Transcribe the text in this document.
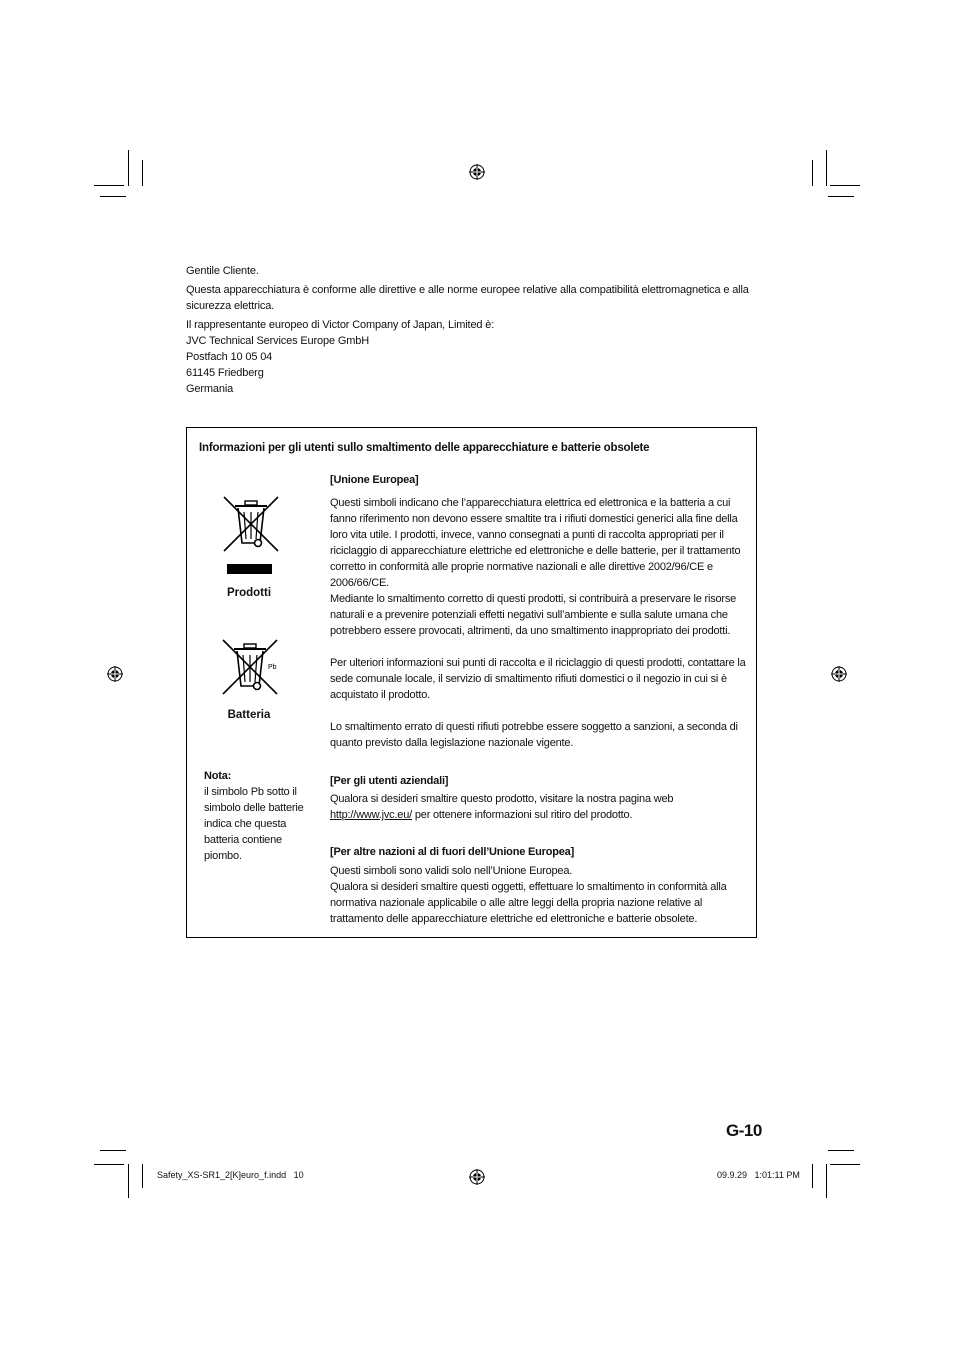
Gentile Cliente.

Questa apparecchiatura è conforme alle direttive e alle norme europee relative alla compatibilità elettromagnetica e alla sicurezza elettrica.

Il rappresentante europeo di Victor Company of Japan, Limited è:

JVC Technical Services Europe GmbH

Postfach 10 05 04

61145 Friedberg

Germania

Informazioni per gli utenti sullo smaltimento delle apparecchiature e batterie obsolete
Prodotti
Pb
Batteria

Nota:

il simbolo Pb sotto il simbolo delle batterie indica che questa batteria contiene piombo.

[Unione Europea]

Questi simboli indicano che l’apparecchiatura elettrica ed elettronica e la batteria a cui fanno riferimento non devono essere smaltite tra i rifiuti domestici generici alla fine della loro vita utile. I prodotti, invece, vanno consegnati a punti di raccolta appropriati per il riciclaggio di apparecchiature elettriche ed elettroniche e delle batterie, per il trattamento corretto in conformità alle proprie normative nazionali e alle direttive 2002/96/CE e 2006/66/CE.

Mediante lo smaltimento corretto di questi prodotti, si contribuirà a preservare le risorse naturali e a prevenire potenziali effetti negativi sull’ambiente e sulla salute umana che potrebbero essere provocati, altrimenti, da uno smaltimento inappropriato dei prodotti.

Per ulteriori informazioni sui punti di raccolta e il riciclaggio di questi prodotti, contattare la sede comunale locale, il servizio di smaltimento rifiuti domestici o il negozio in cui si è acquistato il prodotto.

Lo smaltimento errato di questi rifiuti potrebbe essere soggetto a sanzioni, a seconda di quanto previsto dalla legislazione nazionale vigente.

[Per gli utenti aziendali]

Qualora si desideri smaltire questo prodotto, visitare la nostra pagina web http://www.jvc.eu/ per ottenere informazioni sul ritiro del prodotto.

[Per altre nazioni al di fuori dell’Unione Europea]

Questi simboli sono validi solo nell’Unione Europea.

Qualora si desideri smaltire questi oggetti, effettuare lo smaltimento in conformità alla normativa nazionale applicabile o alle altre leggi della propria nazione relative al trattamento delle apparecchiature elettriche ed elettroniche e batterie obsolete.

G-10
Safety_XS-SR1_2[K]euro_f.indd   10	09.9.29   1:01:11 PM
